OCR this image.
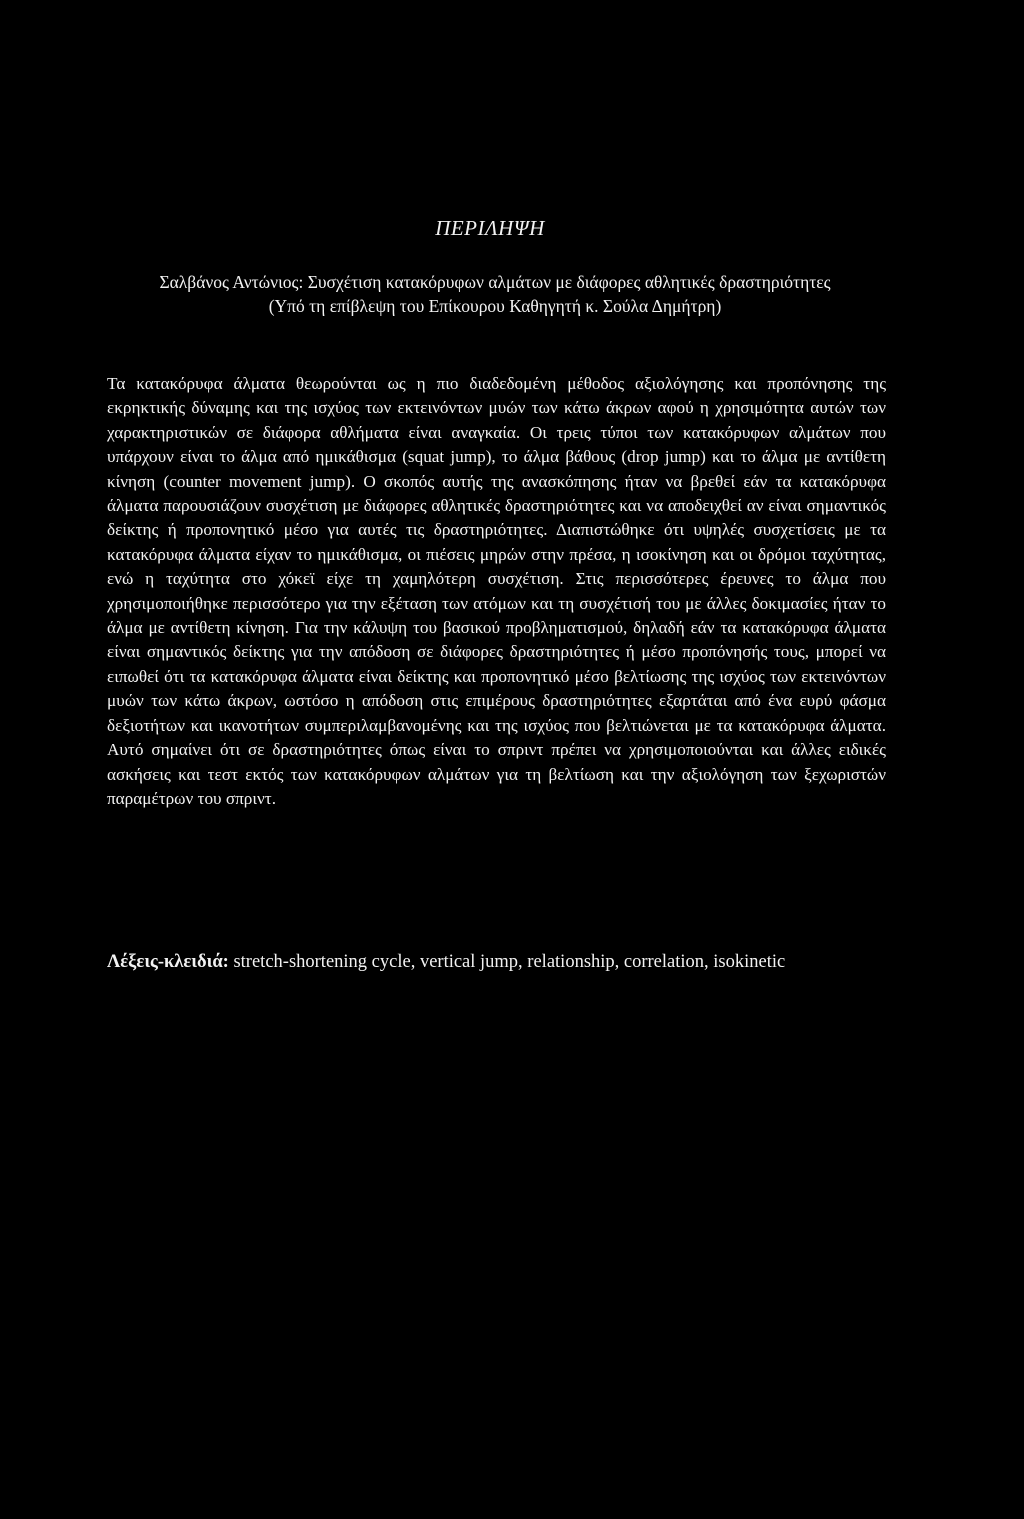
ΠΕΡΙΛΗΨΗ
Σαλβάνος Αντώνιος: Συσχέτιση κατακόρυφων αλμάτων με διάφορες αθλητικές δραστηριότητες
(Υπό τη επίβλεψη του Επίκουρου Καθηγητή κ. Σούλα Δημήτρη)

Τα κατακόρυφα άλματα θεωρούνται ως η πιο διαδεδομένη μέθοδος αξιολόγησης και προπόνησης της εκρηκτικής δύναμης και της ισχύος των εκτεινόντων μυών των κάτω άκρων αφού η χρησιμότητα αυτών των χαρακτηριστικών σε διάφορα αθλήματα είναι αναγκαία. Οι τρεις τύποι των κατακόρυφων αλμάτων που υπάρχουν είναι το άλμα από ημικάθισμα (squat jump), το άλμα βάθους (drop jump) και το άλμα με αντίθετη κίνηση (counter movement jump). Ο σκοπός αυτής της ανασκόπησης ήταν να βρεθεί εάν τα κατακόρυφα άλματα παρουσιάζουν συσχέτιση με διάφορες αθλητικές δραστηριότητες και να αποδειχθεί αν είναι σημαντικός δείκτης ή προπονητικό μέσο για αυτές τις δραστηριότητες. Διαπιστώθηκε ότι υψηλές συσχετίσεις με τα κατακόρυφα άλματα είχαν το ημικάθισμα, οι πιέσεις μηρών στην πρέσα, η ισοκίνηση και οι δρόμοι ταχύτητας, ενώ η ταχύτητα στο χόκεϊ είχε τη χαμηλότερη συσχέτιση. Στις περισσότερες έρευνες το άλμα που χρησιμοποιήθηκε περισσότερο για την εξέταση των ατόμων και τη συσχέτισή του με άλλες δοκιμασίες ήταν το άλμα με αντίθετη κίνηση. Για την κάλυψη του βασικού προβληματισμού, δηλαδή εάν τα κατακόρυφα άλματα είναι σημαντικός δείκτης για την απόδοση σε διάφορες δραστηριότητες ή μέσο προπόνησής τους, μπορεί να ειπωθεί ότι τα κατακόρυφα άλματα είναι δείκτης και προπονητικό μέσο βελτίωσης της ισχύος των εκτεινόντων μυών των κάτω άκρων, ωστόσο η απόδοση στις επιμέρους δραστηριότητες εξαρτάται από ένα ευρύ φάσμα δεξιοτήτων και ικανοτήτων συμπεριλαμβανομένης και της ισχύος που βελτιώνεται με τα κατακόρυφα άλματα. Αυτό σημαίνει ότι σε δραστηριότητες όπως είναι το σπριντ πρέπει να χρησιμοποιούνται και άλλες ειδικές ασκήσεις και τεστ εκτός των κατακόρυφων αλμάτων για τη βελτίωση και την αξιολόγηση των ξεχωριστών παραμέτρων του σπριντ.

Λέξεις-κλειδιά: stretch-shortening cycle, vertical jump, relationship, correlation, isokinetic
